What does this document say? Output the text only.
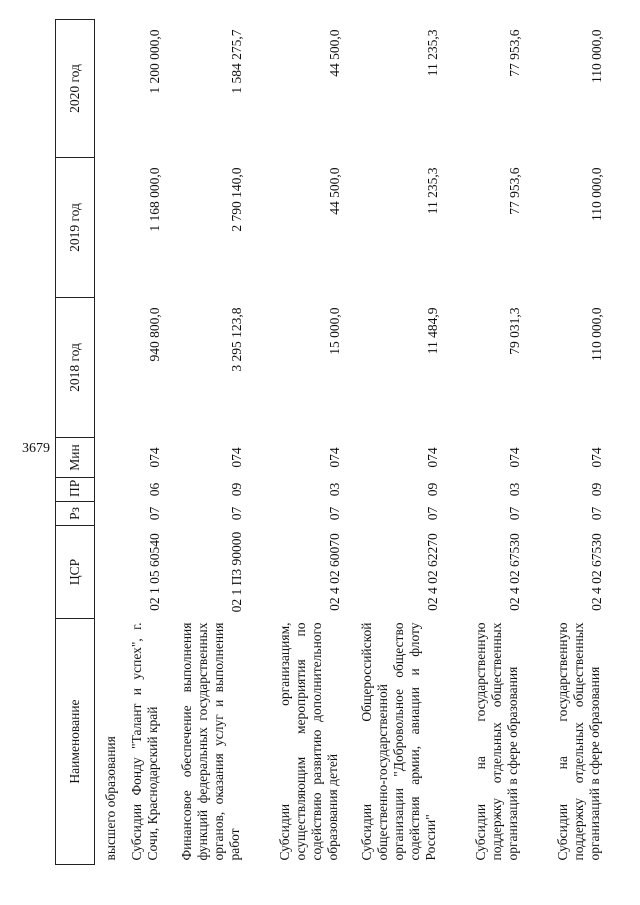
3679
Наименование	ЦСР	Рз	ПР	Мин	2018 год	2019 год	2020 год

высшего образования							

Субсидии Фонду "Талант и успех", г. Сочи, Краснодарский край	02 1 05 60540	07	06	074	940 800,0	1 168 000,0	1 200 000,0

Финансовое обеспечение выполнения функций федеральных государственных органов, оказания услуг и выполнения работ	02 1 П3 90000	07	09	074	3 295 123,8	2 790 140,0	1 584 275,7

Субсидии организациям, осуществляющим мероприятия по содействию развитию дополнительного образования детей	02 4 02 60070	07	03	074	15 000,0	44 500,0	44 500,0

Субсидии Общероссийской общественно-государственной организации "Добровольное общество содействия армии, авиации и флоту России"	02 4 02 62270	07	09	074	11 484,9	11 235,3	11 235,3

Субсидии на государственную поддержку отдельных общественных организаций в сфере образования	02 4 02 67530	07	03	074	79 031,3	77 953,6	77 953,6

Субсидии на государственную поддержку отдельных общественных организаций в сфере образования	02 4 02 67530	07	09	074	110 000,0	110 000,0	110 000,0
